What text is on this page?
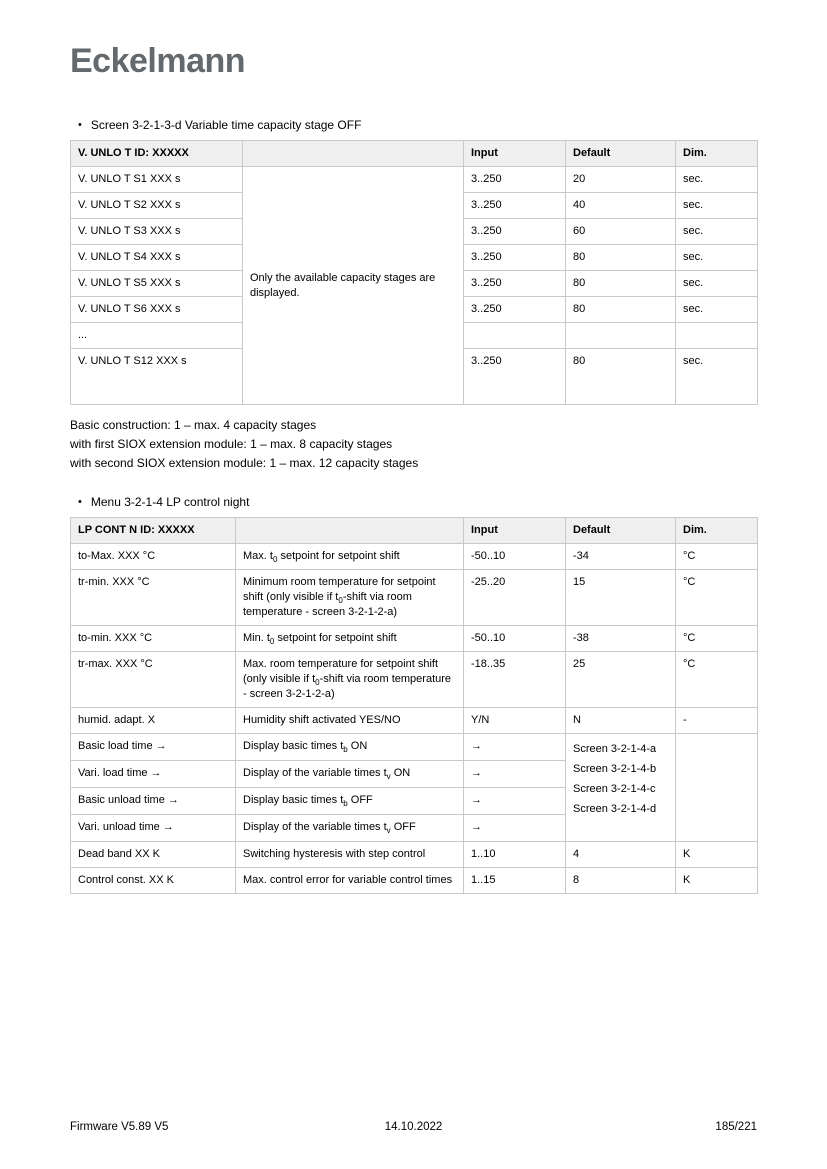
Eckelmann
• Screen 3-2-1-3-d Variable time capacity stage OFF
V. UNLO T ID: XXXXX		Input	Default	Dim.
V. UNLO T S1 XXX s	Only the available capacity stages are displayed.	3..250	20	sec.
V. UNLO T S2 XXX s		3..250	40	sec.
V. UNLO T S3 XXX s		3..250	60	sec.
V. UNLO T S4 XXX s		3..250	80	sec.
V. UNLO T S5 XXX s		3..250	80	sec.
V. UNLO T S6 XXX s		3..250	80	sec.
...				
V. UNLO T S12 XXX s		3..250	80	sec.
Basic construction: 1 – max. 4 capacity stages
with first SIOX extension module: 1 – max. 8 capacity stages
with second SIOX extension module: 1 – max. 12 capacity stages
• Menu 3-2-1-4 LP control night
LP CONT N ID: XXXXX		Input	Default	Dim.
to-Max. XXX °C	Max. $t_0$ setpoint for setpoint shift	-50..10	-34	°C
tr-min. XXX °C	Minimum room temperature for setpoint shift (only visible if $t_0$-shift via room temperature - screen 3-2-1-2-a)	-25..20	15	°C
to-min. XXX °C	Min. $t_0$ setpoint for setpoint shift	-50..10	-38	°C
tr-max. XXX °C	Max. room temperature for setpoint shift (only visible if $t_0$-shift via room temperature - screen 3-2-1-2-a)	-18..35	25	°C
humid. adapt. X	Humidity shift activated YES/NO	Y/N	N	-
Basic load time →	Display basic times $t_b$ ON	→	Screen 3-2-1-4-a
Screen 3-2-1-4-b
Screen 3-2-1-4-c
Screen 3-2-1-4-d	

Vari. load time →	Display of the variable times $t_v$ ON	→		
Basic unload time →	Display basic times $t_b$ OFF	→		
Vari. unload time →	Display of the variable times $t_v$ OFF	→		
Dead band XX K	Switching hysteresis with step control	1..10	4	K
Control const. XX K	Max. control error for variable control times	1..15	8	K
Firmware V5.89 V5	14.10.2022	185/221
